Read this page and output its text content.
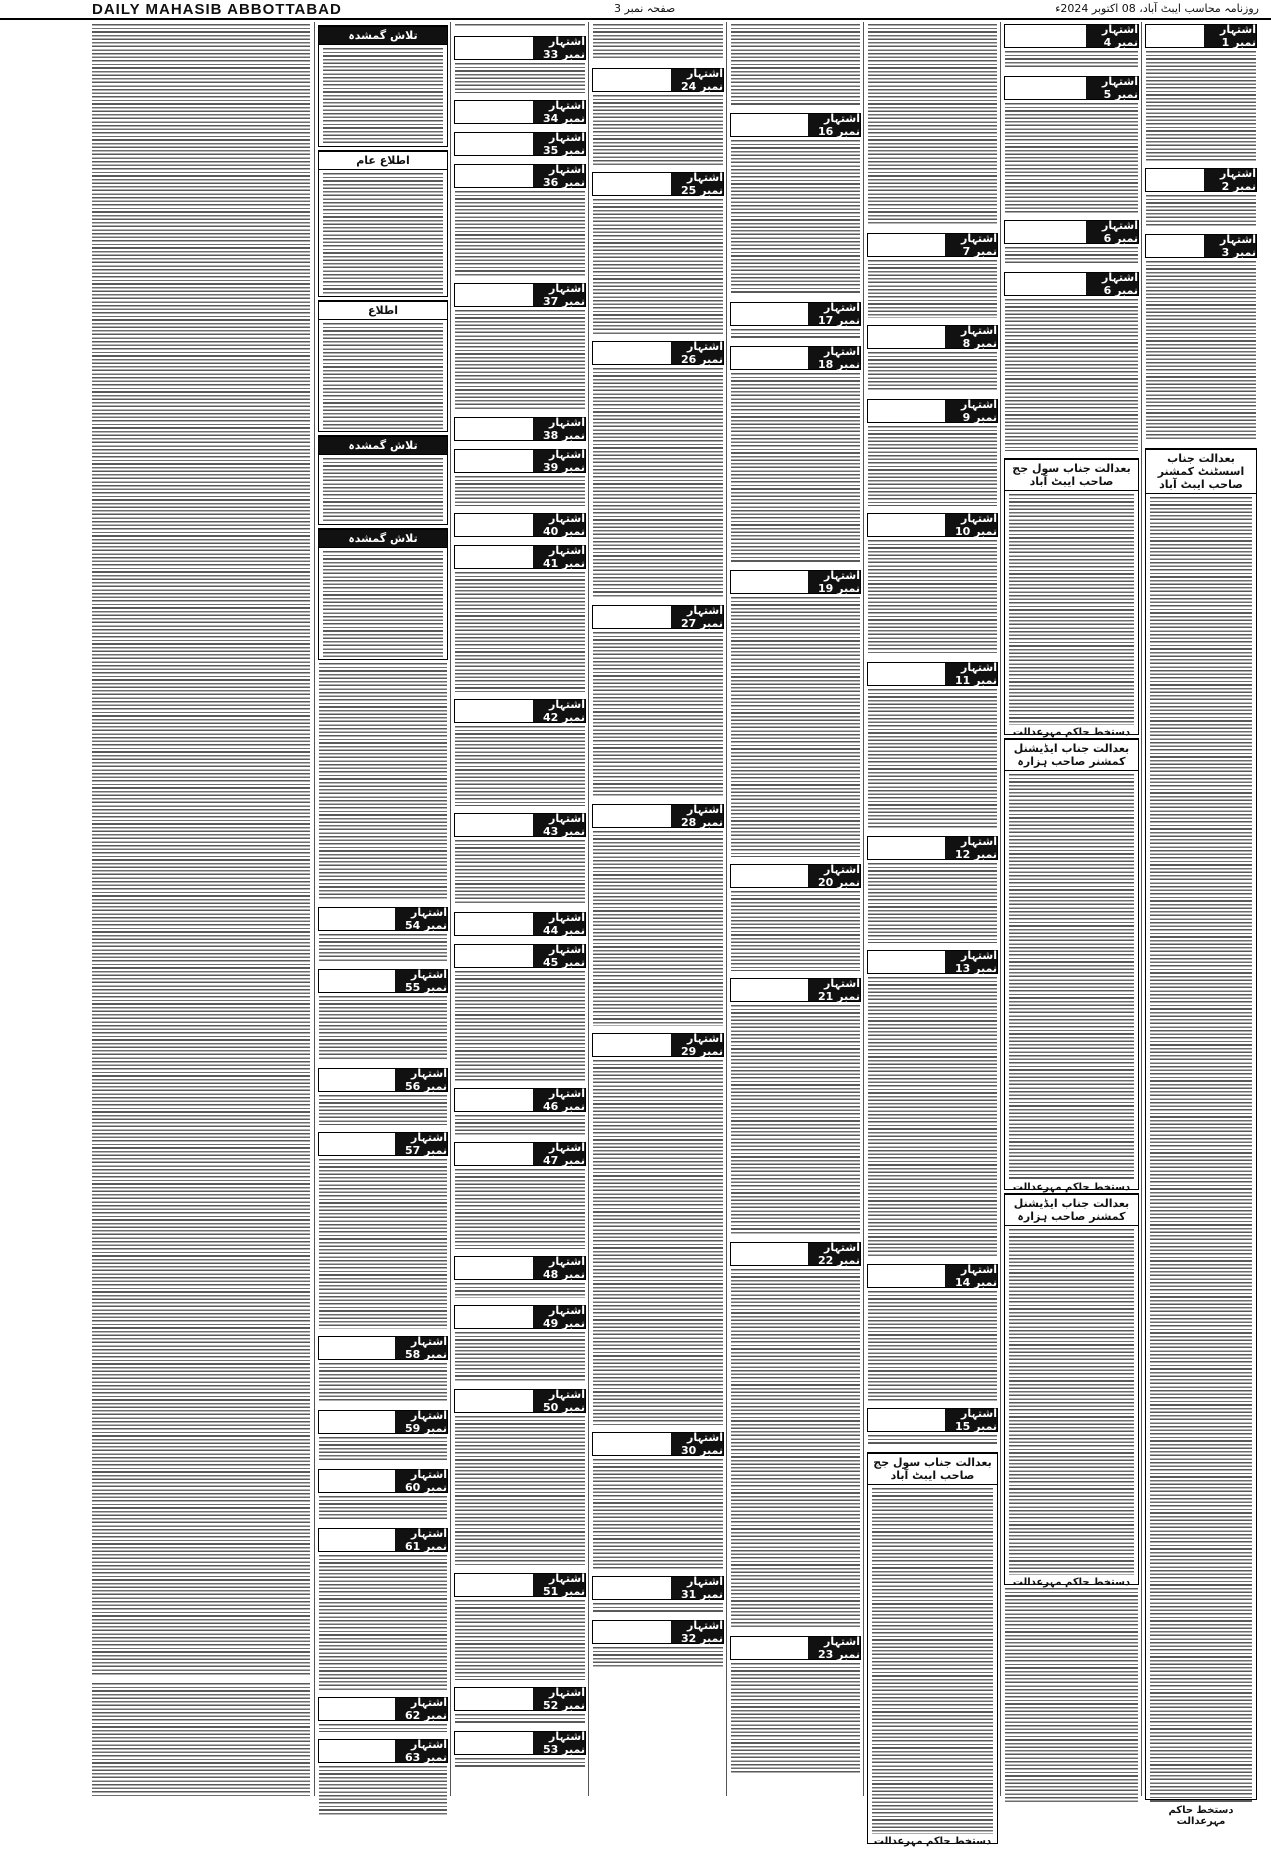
DAILY MAHASIB ABBOTTABAD	صفحہ نمبر 3	روزنامہ محاسب ایبٹ آباد، 08 اکتوبر 2024ء
اشتہار نمبر 1
اشتہار نمبر 2
اشتہار نمبر 3
بعدالت جناب اسسٹنٹ کمشنر صاحب ایبٹ آباد
دستخط حاکم مہرعدالت
اشتہار نمبر 4
اشتہار نمبر 5
اشتہار نمبر 6
اشتہار نمبر 6
بعدالت جناب سول جج صاحب ایبٹ آباد
دستخط حاکم مہرعدالت
بعدالت جناب ایڈیشنل کمشنر صاحب ہزارہ
دستخط حاکم مہرعدالت
بعدالت جناب ایڈیشنل کمشنر صاحب ہزارہ
دستخط حاکم مہرعدالت
اشتہار نمبر 7
اشتہار نمبر 8
اشتہار نمبر 9
اشتہار نمبر 10
اشتہار نمبر 11
اشتہار نمبر 12
اشتہار نمبر 13
اشتہار نمبر 14
اشتہار نمبر 15
بعدالت جناب سول جج صاحب ایبٹ آباد
دستخط حاکم مہرعدالت
اشتہار نمبر 16
اشتہار نمبر 17
اشتہار نمبر 18
اشتہار نمبر 19
اشتہار نمبر 20
اشتہار نمبر 21
اشتہار نمبر 22
اشتہار نمبر 23
اشتہار نمبر 24
اشتہار نمبر 25
اشتہار نمبر 26
اشتہار نمبر 27
اشتہار نمبر 28
اشتہار نمبر 29
اشتہار نمبر 30
اشتہار نمبر 31
اشتہار نمبر 32
اشتہار نمبر 33
اشتہار نمبر 34
اشتہار نمبر 35
اشتہار نمبر 36
اشتہار نمبر 37
اشتہار نمبر 38
اشتہار نمبر 39
اشتہار نمبر 40
اشتہار نمبر 41
اشتہار نمبر 42
اشتہار نمبر 43
اشتہار نمبر 44
اشتہار نمبر 45
اشتہار نمبر 46
اشتہار نمبر 47
اشتہار نمبر 48
اشتہار نمبر 49
اشتہار نمبر 50
اشتہار نمبر 51
اشتہار نمبر 52
اشتہار نمبر 53
تلاش گمشدہ
اطلاع عام
اطلاع
تلاش گمشدہ
تلاش گمشدہ
اشتہار نمبر 54
اشتہار نمبر 55
اشتہار نمبر 56
اشتہار نمبر 57
اشتہار نمبر 58
اشتہار نمبر 59
اشتہار نمبر 60
اشتہار نمبر 61
اشتہار نمبر 62
اشتہار نمبر 63
